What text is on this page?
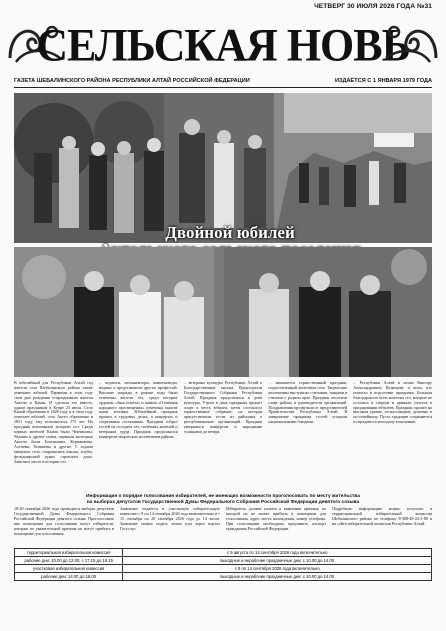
ЧЕТВЕРГ 30 ИЮЛЯ 2026 ГОДА №31
СЕЛЬСКАЯ НОВЬ
ГАЗЕТА ШЕБАЛИНСКОГО РАЙОНА РЕСПУБЛИКИ АЛТАЙ РОССИЙСКОЙ ФЕДЕРАЦИИ	ИЗДАЁТСЯ С 1 ЯНВАРЯ 1979 ГОДА
Двойной юбилей
В юбилейный для Республики Алтай год жители села Шебалинского района также отмечают юбилей. Первыми в этом году свои дни рождения отпраздновали жители Актели и Камая. И сделали это вместе, одним праздником в Купре 23 июля. Село Камай образовано в 1828 году и в этом году отмечает юбилей, село Актел образовано в 1851 году, ему исполнилось 175 лет. На праздник вспоминали историю сел. Среди первых жителей Камая были Ченчиковы, Чедины и другие семьи, первыми жителями Актели были Бахтышевы, Курманаевы, Алтаевы, Тюткиевы и другие. С годами менялись сёла, открывались школы, клубы, фельдшерский пункт, строились дома. Заметное место в истории сел
... педагоги, механизаторы, животноводы, медики и представители других профессий. Высокие награды в разные годы были отмечены жители сёл, среди которых орденом «Знак почёта» и знаком «Отличник народного просвещения» отмечены многие наши земляки. Юбилейный праздник прошел в трудовых делах, в концертах и спортивных состязаниях. Праздник собрал гостей из соседних сёл, почётных жителей и ветеранов труда. Праздник продолжился концертом творческих коллективов района.
... ветераны культуры Республики Алтай и Благодарственные письма Председателя Государственного Собрания Республики Алтай. Праздник продолжился в доме культуры. Утром в день праздника прошёл спорт в честь юбилея, затем состоялось торжественное собрание, на котором присутствовали гости из районных и республиканских организаций. Праздник завершился концертом и народными гуляньями до вечера.
... начинается торжественный праздник, подготовленный жителями села. Творческие коллективы выступили с песнями, танцами и стихами о родном крае. Праздник посетили глава района и руководители организаций. Поздравления прозвучали от представителей Правительства Республики Алтай. В завершение праздника гостей угощали национальными блюдами.
... Республики Алтай и лично Виктору Александровичу Кузнецову и всем, кто помогал в подготовке праздника. Большая благодарность всем жителям сел, которые не остались в стороне и приняли участие в праздновании юбилеев. Праздник прошёл на высоком уровне, по-настоящему душевно и по-семейному. Пусть традиции сохраняются и передаются молодому поколению.
Информация о порядке голосования избирателей, не имеющих возможности проголосовать по месту жительства
на выборах депутатов Государственной Думы Федерального Собрания Российской Федерации девятого созыва
18-20 сентября 2026 года проводятся выборы депутатов Государственной Думы Федерального Собрания Российской Федерации девятого созыва. Проголосовать вне помещения для голосования могут избиратели, которые по уважительной причине не могут прибыть в помещение для голосования.
Заявление подаётся в участковую избирательную комиссию с 9 по 14 сентября 2026 года включительно и с 15 сентября по 20 сентября 2026 года до 14 часов. Заявление можно подать лично или через портал Госуслуг.
Избиратель должен указать в заявлении причину, по которой он не может прибыть в помещение для голосования, адрес места нахождения, номер телефона. При голосовании необходимо предъявить паспорт гражданина Российской Федерации.
Подробную информацию можно получить в территориальной избирательной комиссии Шебалинского района по телефону 8-388-49-22-2-88 и на сайте избирательной комиссии Республики Алтай.
территориальная избирательная комиссия	с 9 августа по 14 сентября 2026 года включительно
рабочие дни: 10.00 до 12.00, с 17.15 до 19.15	выходные и нерабочие праздничные дни: с 10.00 до 14.00
участковая избирательная комиссия	с 9 по 14 сентября 2026 года включительно
рабочие дни: 14.00 до 18.00	выходные и нерабочие праздничные дни: с 10.00 до 14.00
